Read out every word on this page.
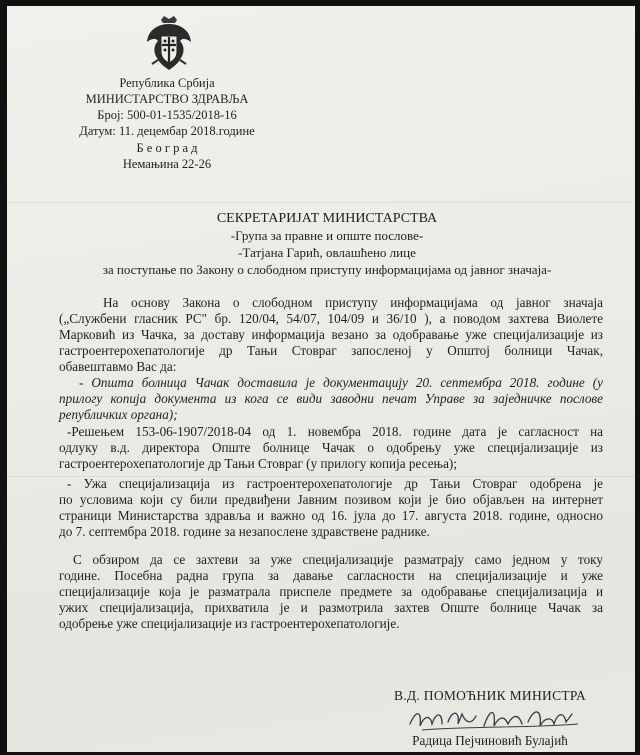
Република Србија
МИНИСТАРСТВО ЗДРАВЉА
Број: 500-01-1535/2018-16
Датум: 11. децембар 2018.године
Б е о г р а д
Немањина 22-26
СЕКРЕТАРИЈАТ МИНИСТАРСТВА
-Група за правне и опште послове-
-Татјана Гарић, овлашћено лице
за поступање по Закону о слободном приступу информацијама од јавног значаја-
На основу Закона о слободном приступу информацијама од јавног значаја
(„Службени гласник РС" бр. 120/04, 54/07, 104/09 и 36/10 ), а поводом захтева Виолете
Марковић из Чачка, за доставу информација везано за одобравање уже специјализације из
гастроентерохепатологије др Тањи Стовраг запосленој у Општој болници Чачак,
обавештавмо Вас да:
- Општа болница Чачак доставила је документацију 20. септембра 2018. године (у
прилогу копија документа из кога се види заводни печат Управе за заједничке послове
републичких органа);
-Решењем 153-06-1907/2018-04 од 1. новембра 2018. године дата је сагласност на
одлуку в.д. директора Опште болнице Чачак о одобрењу уже специјализације из
гастроентерохепатологије др Тањи Стовраг (у прилогу копија ресења);
- Ужа специјализација из гастроентерохепатологије др Тањи Стовраг одобрена је
по условима који су били предвиђени Јавним позивом који је био објављен на интернет
страници Министарства здравља и важно од 16. јула до 17. августа 2018. године, односно
до 7. септембра 2018. године за незапослене здравствене раднике.
С обзиром да се захтеви за уже специјализације разматрају само једном у току
године. Посебна радна група за давање сагласности на специјализације и уже
специјализације која је разматрала приспеле предмете за одобравање специјализација и
ужих специјализација, прихватила је и размотрила захтев Опште болнице Чачак за
одобрење уже специјализације из гастроентерохепатологије.
В.Д. ПОМОЋНИК МИНИСТРА
Радица Пејчиновић Булајић
